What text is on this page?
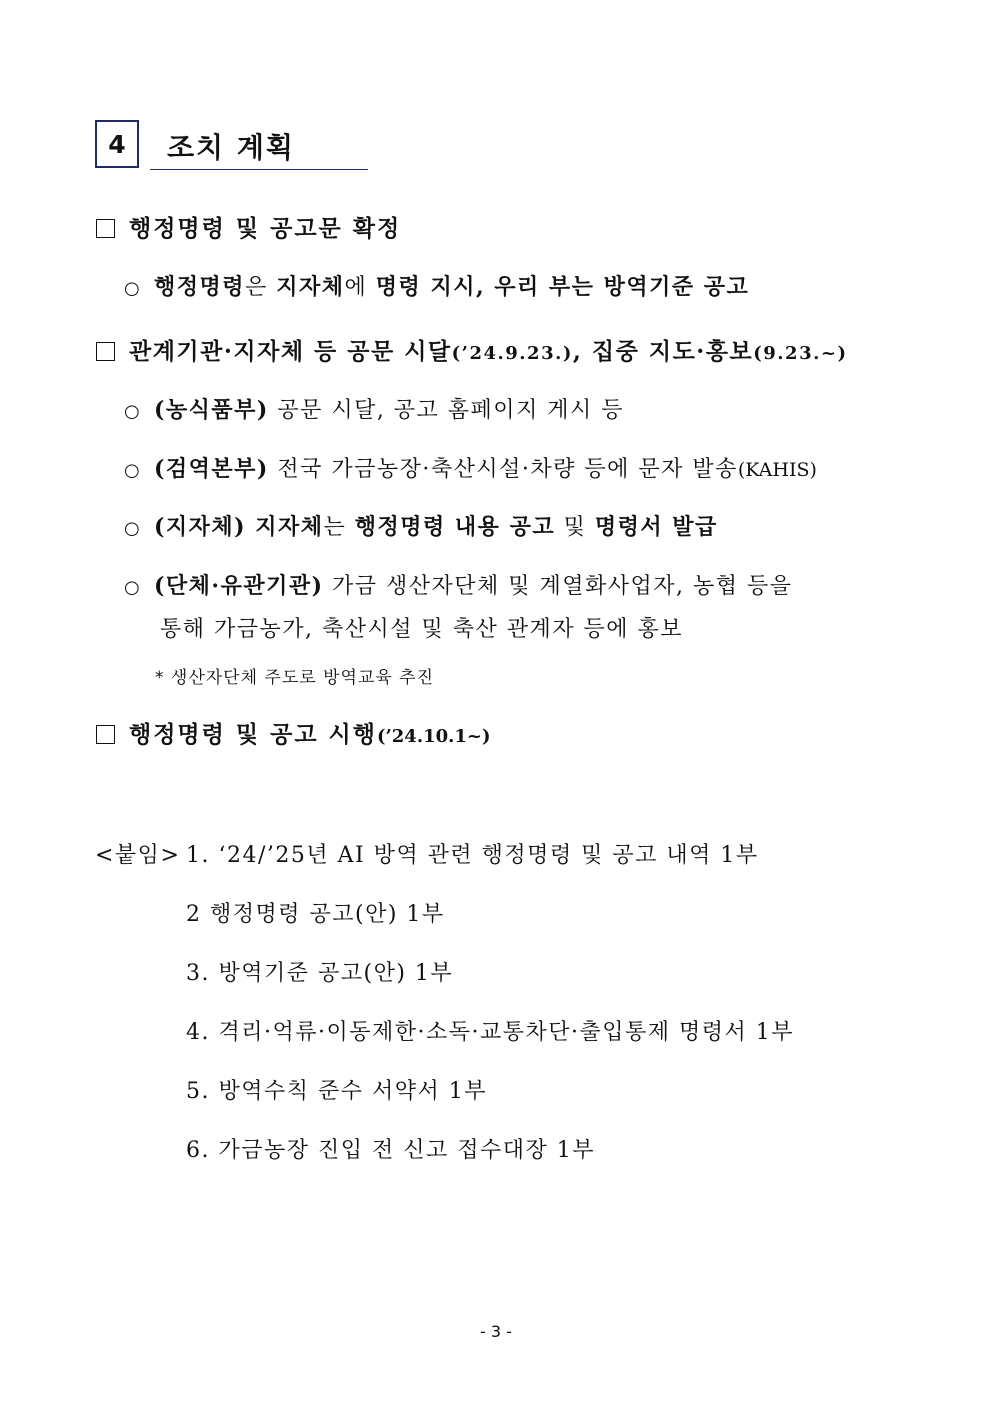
4 조치 계획
행정명령 및 공고문 확정
○ 행정명령은 지자체에 명령 지시, 우리 부는 방역기준 공고
관계기관·지자체 등 공문 시달(’24.9.23.), 집중 지도·홍보(9.23.~)
○ (농식품부) 공문 시달, 공고 홈페이지 게시 등
○ (검역본부) 전국 가금농장·축산시설·차량 등에 문자 발송(KAHIS)
○ (지자체) 지자체는 행정명령 내용 공고 및 명령서 발급
○ (단체·유관기관) 가금 생산자단체 및 계열화사업자, 농협 등을
통해 가금농가, 축산시설 및 축산 관계자 등에 홍보
* 생산자단체 주도로 방역교육 추진
행정명령 및 공고 시행(’24.10.1~)
<붙임> 1. ‘24/’25년 AI 방역 관련 행정명령 및 공고 내역 1부
2 행정명령 공고(안) 1부
3. 방역기준 공고(안) 1부
4. 격리·억류·이동제한·소독·교통차단·출입통제 명령서 1부
5. 방역수칙 준수 서약서 1부
6. 가금농장 진입 전 신고 접수대장 1부
- 3 -
